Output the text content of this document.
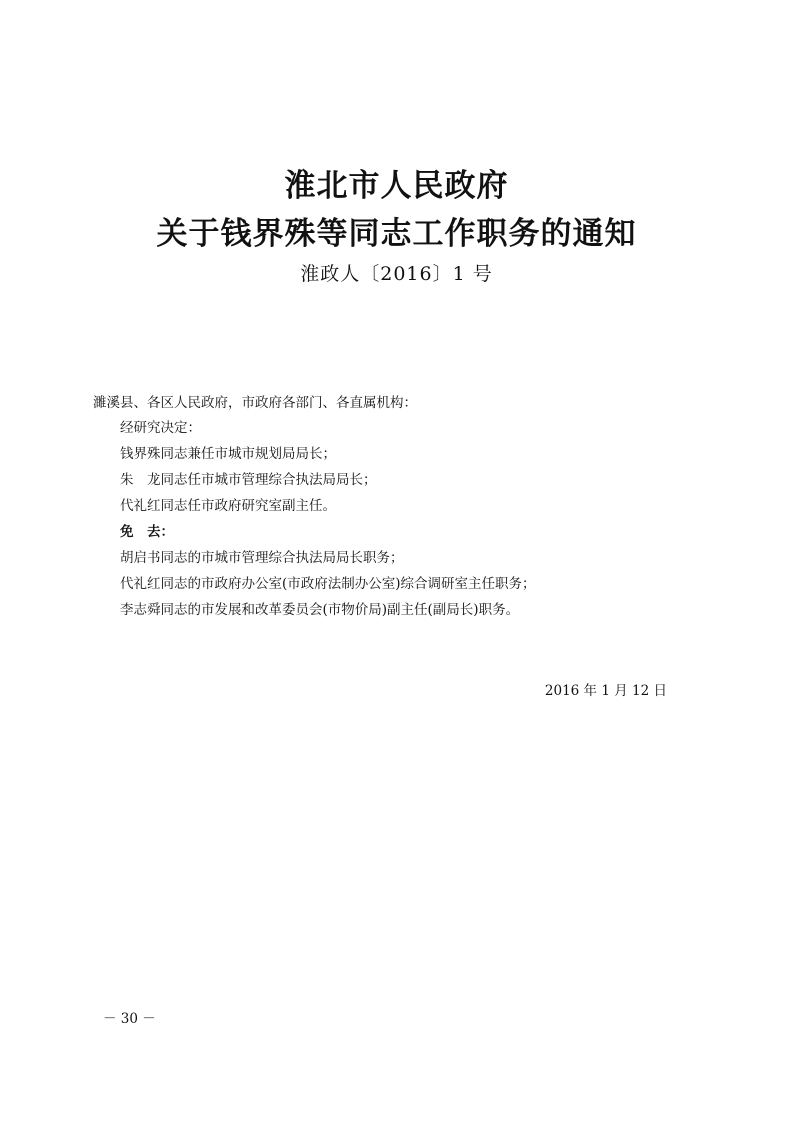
淮北市人民政府
关于钱界殊等同志工作职务的通知
淮政人〔2016〕1 号
濉溪县、各区人民政府，市政府各部门、各直属机构：
经研究决定：
钱界殊同志兼任市城市规划局局长；
朱　龙同志任市城市管理综合执法局局长；
代礼红同志任市政府研究室副主任。
免　去：
胡启书同志的市城市管理综合执法局局长职务；
代礼红同志的市政府办公室(市政府法制办公室)综合调研室主任职务；
李志舜同志的市发展和改革委员会(市物价局)副主任(副局长)职务。
2016 年 1 月 12 日
－ 30 －
